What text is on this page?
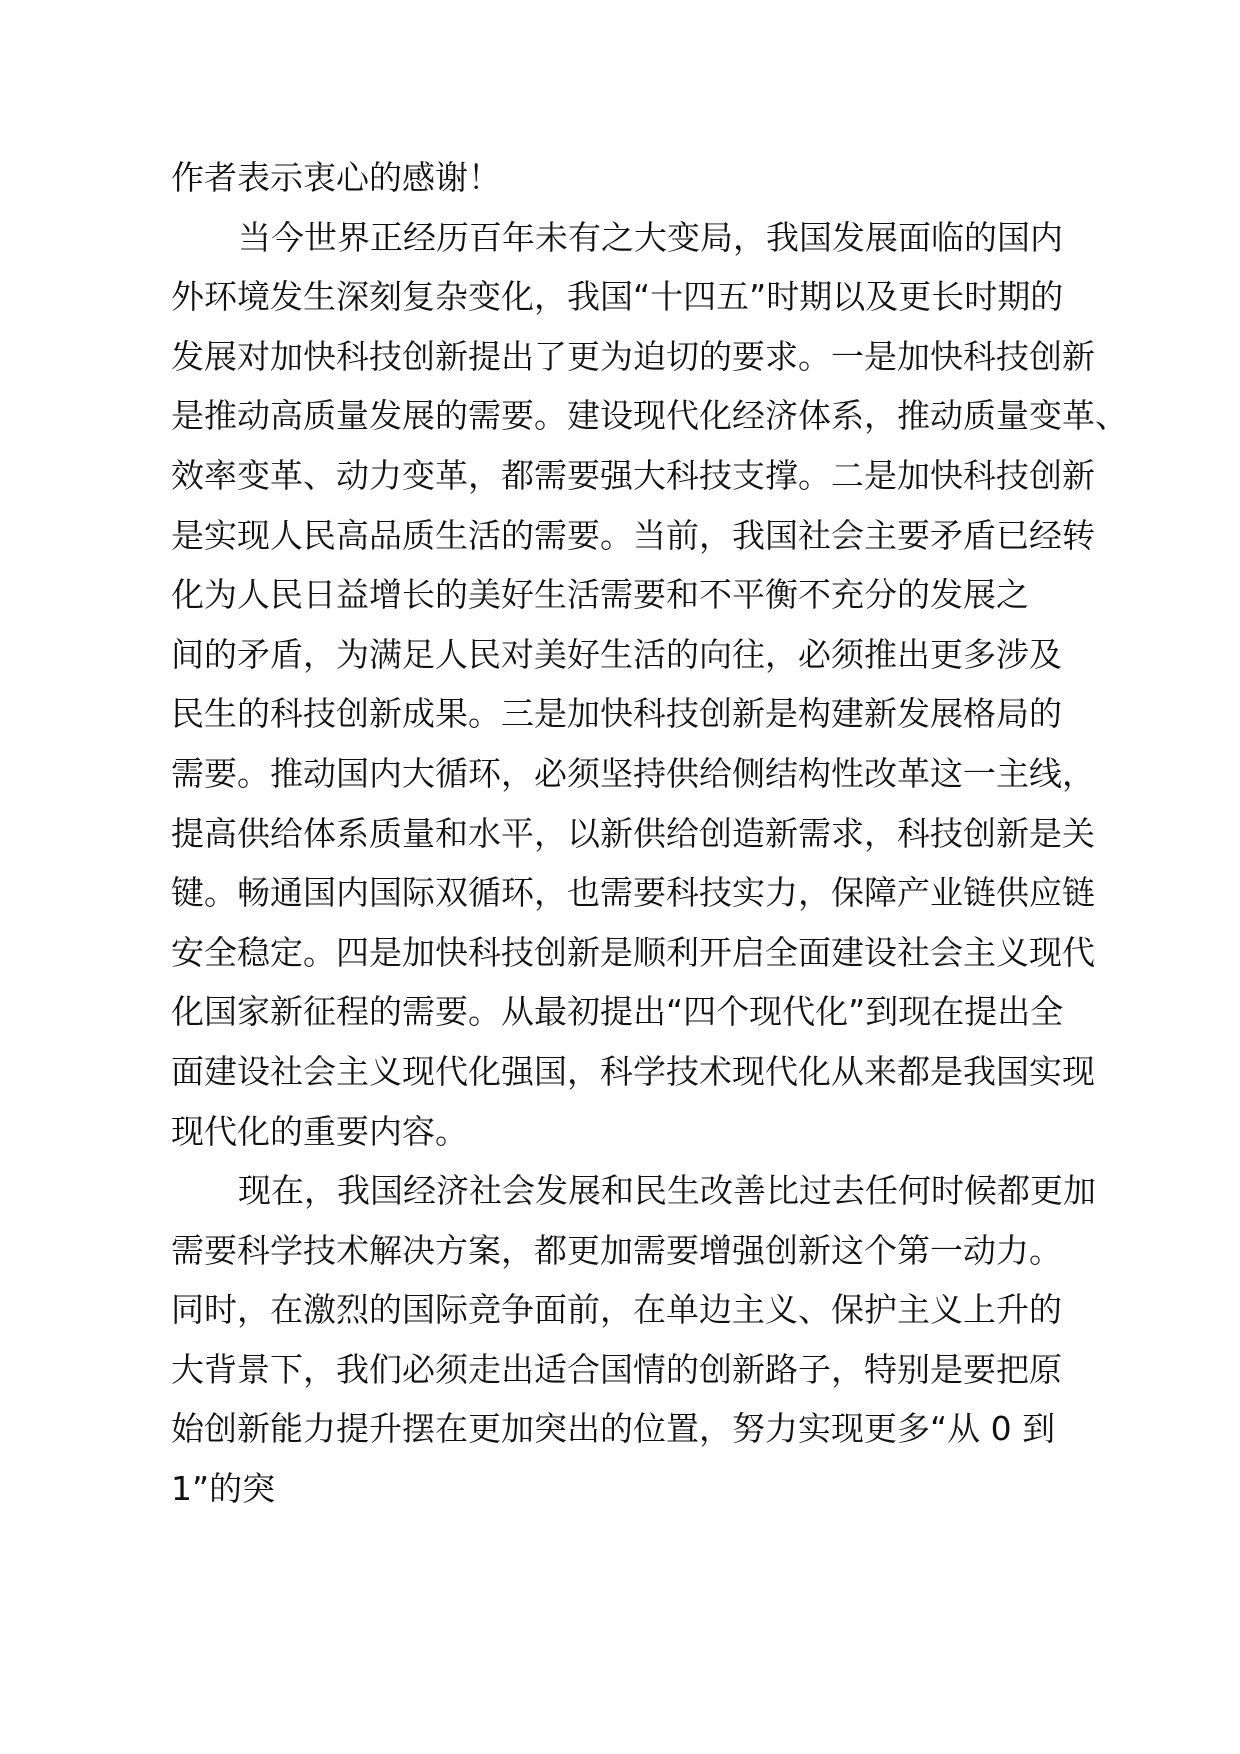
作者表示衷心的感谢！
当今世界正经历百年未有之大变局，我国发展面临的国内
外环境发生深刻复杂变化，我国“十四五”时期以及更长时期的
发展对加快科技创新提出了更为迫切的要求。一是加快科技创新
是推动高质量发展的需要。建设现代化经济体系，推动质量变革、
效率变革、动力变革，都需要强大科技支撑。二是加快科技创新
是实现人民高品质生活的需要。当前，我国社会主要矛盾已经转
化为人民日益增长的美好生活需要和不平衡不充分的发展之
间的矛盾，为满足人民对美好生活的向往，必须推出更多涉及
民生的科技创新成果。三是加快科技创新是构建新发展格局的
需要。推动国内大循环，必须坚持供给侧结构性改革这一主线，
提高供给体系质量和水平，以新供给创造新需求，科技创新是关
键。畅通国内国际双循环，也需要科技实力，保障产业链供应链
安全稳定。四是加快科技创新是顺利开启全面建设社会主义现代
化国家新征程的需要。从最初提出“四个现代化”到现在提出全
面建设社会主义现代化强国，科学技术现代化从来都是我国实现
现代化的重要内容。
现在，我国经济社会发展和民生改善比过去任何时候都更加
需要科学技术解决方案，都更加需要增强创新这个第一动力。
同时，在激烈的国际竞争面前，在单边主义、保护主义上升的
大背景下，我们必须走出适合国情的创新路子，特别是要把原
始创新能力提升摆在更加突出的位置，努力实现更多“从 0 到
1”的突
